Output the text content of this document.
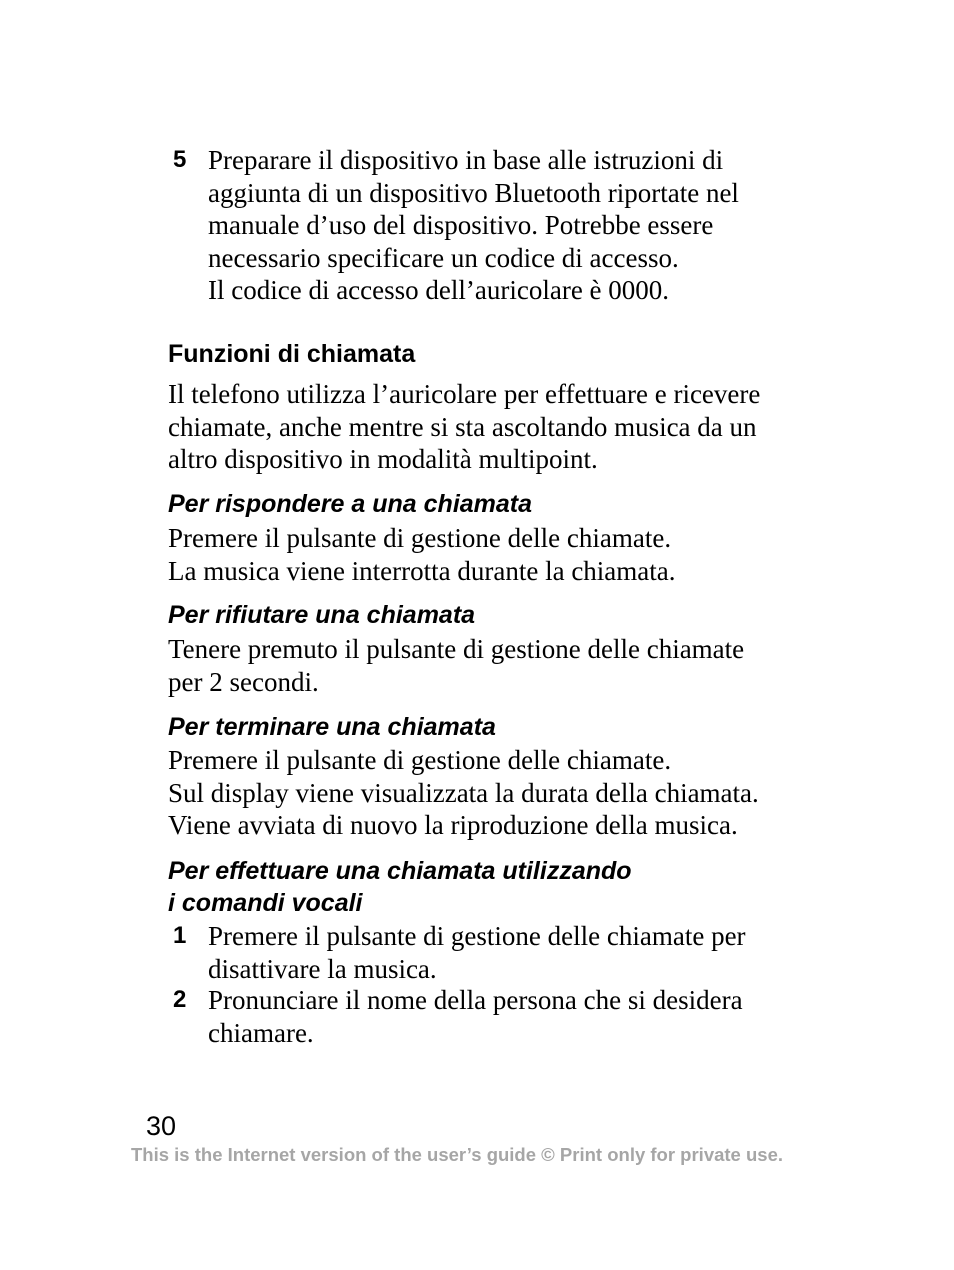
5 Preparare il dispositivo in base alle istruzioni di
aggiunta di un dispositivo Bluetooth riportate nel
manuale d’uso del dispositivo. Potrebbe essere
necessario specificare un codice di accesso.
Il codice di accesso dell’auricolare è 0000.
Funzioni di chiamata
Il telefono utilizza l’auricolare per effettuare e ricevere
chiamate, anche mentre si sta ascoltando musica da un
altro dispositivo in modalità multipoint.
Per rispondere a una chiamata
Premere il pulsante di gestione delle chiamate.
La musica viene interrotta durante la chiamata.
Per rifiutare una chiamata
Tenere premuto il pulsante di gestione delle chiamate
per 2 secondi.
Per terminare una chiamata
Premere il pulsante di gestione delle chiamate.
Sul display viene visualizzata la durata della chiamata.
Viene avviata di nuovo la riproduzione della musica.
Per effettuare una chiamata utilizzando
i comandi vocali
1 Premere il pulsante di gestione delle chiamate per
disattivare la musica.
2 Pronunciare il nome della persona che si desidera
chiamare.
30
This is the Internet version of the user’s guide © Print only for private use.
